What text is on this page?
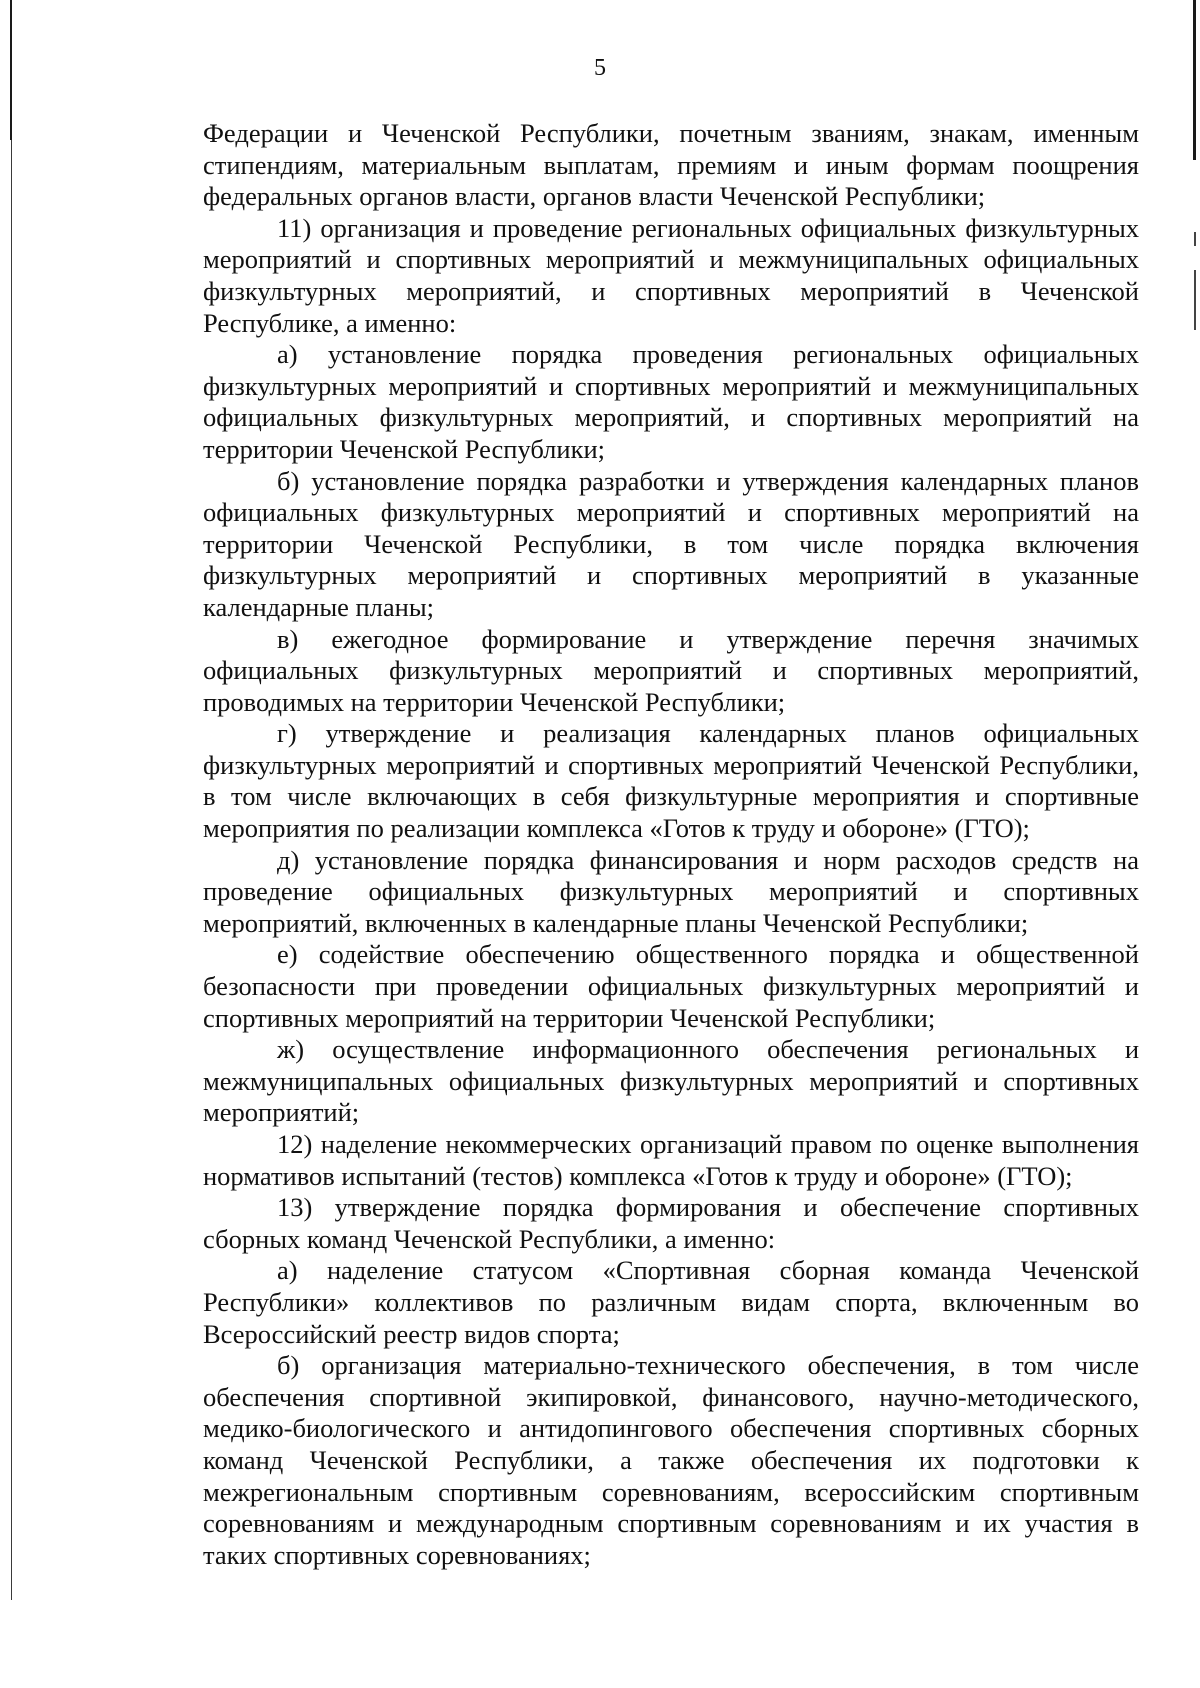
5

Федерации и Чеченской Республики, почетным званиям, знакам, именным стипендиям, материальным выплатам, премиям и иным формам поощрения федеральных органов власти, органов власти Чеченской Республики;

11) организация и проведение региональных официальных физкультурных мероприятий и спортивных мероприятий и межмуниципальных официальных физкультурных мероприятий, и спортивных мероприятий в Чеченской Республике, а именно:

а) установление порядка проведения региональных официальных физкультурных мероприятий и спортивных мероприятий и межмуниципальных официальных физкультурных мероприятий, и спортивных мероприятий на территории Чеченской Республики;

б) установление порядка разработки и утверждения календарных планов официальных физкультурных мероприятий и спортивных мероприятий на территории Чеченской Республики, в том числе порядка включения физкультурных мероприятий и спортивных мероприятий в указанные календарные планы;

в) ежегодное формирование и утверждение перечня значимых официальных физкультурных мероприятий и спортивных мероприятий, проводимых на территории Чеченской Республики;

г) утверждение и реализация календарных планов официальных физкультурных мероприятий и спортивных мероприятий Чеченской Республики, в том числе включающих в себя физкультурные мероприятия и спортивные мероприятия по реализации комплекса «Готов к труду и обороне» (ГТО);

д) установление порядка финансирования и норм расходов средств на проведение официальных физкультурных мероприятий и спортивных мероприятий, включенных в календарные планы Чеченской Республики;

е) содействие обеспечению общественного порядка и общественной безопасности при проведении официальных физкультурных мероприятий и спортивных мероприятий на территории Чеченской Республики;

ж) осуществление информационного обеспечения региональных и межмуниципальных официальных физкультурных мероприятий и спортивных мероприятий;

12) наделение некоммерческих организаций правом по оценке выполнения нормативов испытаний (тестов) комплекса «Готов к труду и обороне» (ГТО);

13) утверждение порядка формирования и обеспечение спортивных сборных команд Чеченской Республики, а именно:

а) наделение статусом «Спортивная сборная команда Чеченской Республики» коллективов по различным видам спорта, включенным во Всероссийский реестр видов спорта;

б) организация материально-технического обеспечения, в том числе обеспечения спортивной экипировкой, финансового, научно-методического, медико-биологического и антидопингового обеспечения спортивных сборных команд Чеченской Республики, а также обеспечения их подготовки к межрегиональным спортивным соревнованиям, всероссийским спортивным соревнованиям и международным спортивным соревнованиям и их участия в таких спортивных соревнованиях;
